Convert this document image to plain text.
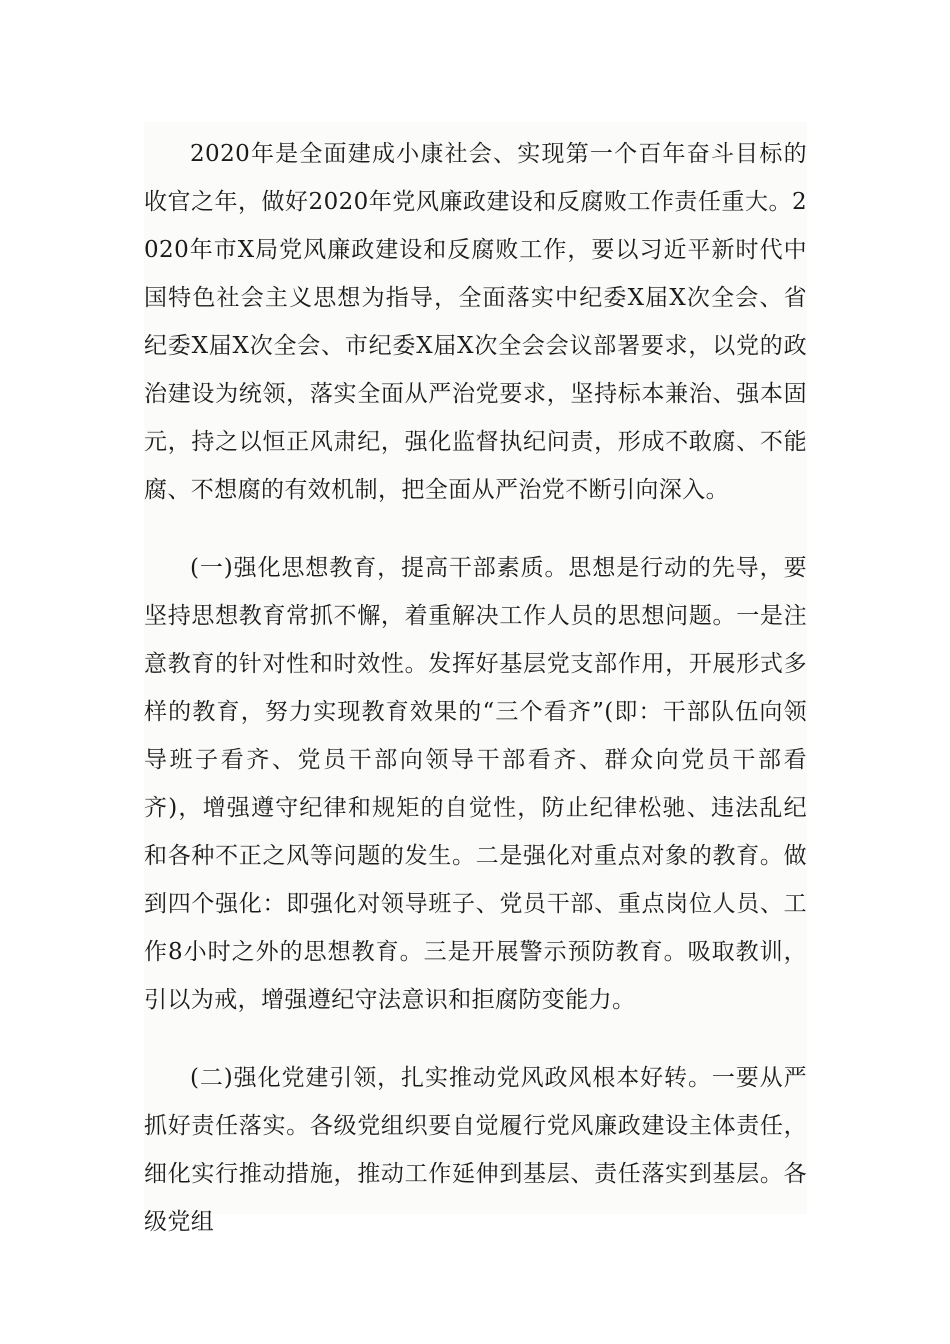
2020年是全面建成小康社会、实现第一个百年奋斗目标的收官之年，做好2020年党风廉政建设和反腐败工作责任重大。2020年市X局党风廉政建设和反腐败工作，要以习近平新时代中国特色社会主义思想为指导，全面落实中纪委X届X次全会、省纪委X届X次全会、市纪委X届X次全会会议部署要求，以党的政治建设为统领，落实全面从严治党要求，坚持标本兼治、强本固元，持之以恒正风肃纪，强化监督执纪问责，形成不敢腐、不能腐、不想腐的有效机制，把全面从严治党不断引向深入。

(一)强化思想教育，提高干部素质。思想是行动的先导，要坚持思想教育常抓不懈，着重解决工作人员的思想问题。一是注意教育的针对性和时效性。发挥好基层党支部作用，开展形式多样的教育，努力实现教育效果的“三个看齐”(即：干部队伍向领导班子看齐、党员干部向领导干部看齐、群众向党员干部看齐)，增强遵守纪律和规矩的自觉性，防止纪律松驰、违法乱纪和各种不正之风等问题的发生。二是强化对重点对象的教育。做到四个强化：即强化对领导班子、党员干部、重点岗位人员、工作8小时之外的思想教育。三是开展警示预防教育。吸取教训，引以为戒，增强遵纪守法意识和拒腐防变能力。

(二)强化党建引领，扎实推动党风政风根本好转。一要从严抓好责任落实。各级党组织要自觉履行党风廉政建设主体责任，细化实行推动措施，推动工作延伸到基层、责任落实到基层。各级党组
